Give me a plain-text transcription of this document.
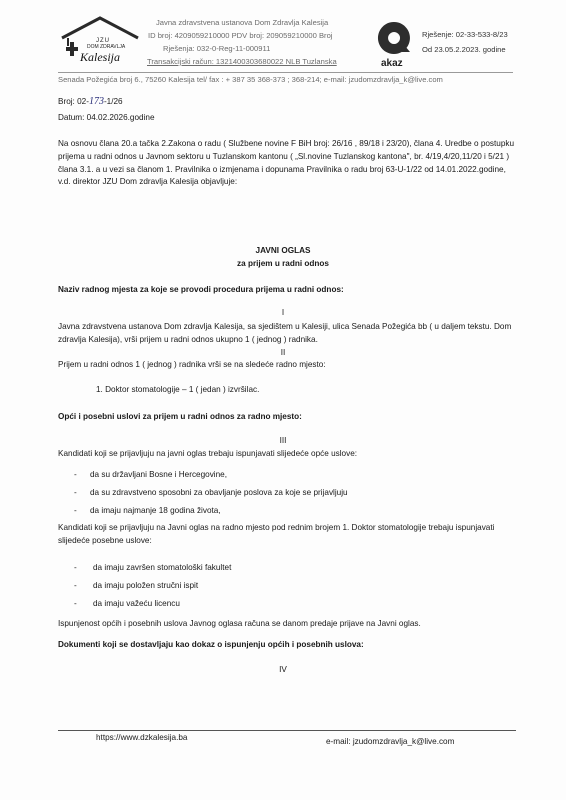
JZU
DOM ZDRAVLJA
Kalesija
Javna zdravstvena ustanova Dom Zdravlja Kalesija
ID broj: 4209059210000 PDV broj: 209059210000 Broj
Rješenja: 032-0-Reg-11-000911
Transakcijski račun: 1321400303680022 NLB Tuzlanska
Senada Požegića broj 6., 75260 Kalesija tel/ fax : + 387 35 368-373 ; 368-214; e-mail: jzudomzdravlja_k@live.com
akaz
Rješenje: 02-33-533-8/23
Od 23.05.2.2023. godine
Broj: 02-173-1/26
Datum: 04.02.2026.godine
Na osnovu člana 20.a tačka 2.Zakona o radu ( Službene novine F BiH broj: 26/16 , 89/18 i 23/20), člana 4. Uredbe o postupku prijema u radni odnos u Javnom sektoru u Tuzlanskom kantonu ( „Sl.novine Tuzlanskog kantona", br. 4/19,4/20,11/20 i 5/21 ) člana 3.1. a u vezi sa članom 1. Pravilnika o izmjenama i dopunama Pravilnika o radu broj 63-U-1/22 od 14.01.2022.godine, v.d. direktor JZU Dom zdravlja Kalesija objavljuje:
JAVNI OGLAS
za prijem u radni odnos
Naziv radnog mjesta za koje se provodi procedura prijema u radni odnos:
I
Javna zdravstvena ustanova Dom zdravlja Kalesija, sa sjedištem u Kalesiji, ulica Senada Požegića bb ( u daljem tekstu. Dom zdravlja Kalesija), vrši prijem u radni odnos ukupno 1 ( jednog ) radnika.
II
Prijem u radni odnos 1 ( jednog ) radnika vrši se na sledeće radno mjesto:
1. Doktor stomatologije – 1 ( jedan ) izvršilac.
Opći i posebni uslovi za prijem u radni odnos za radno mjesto:
III
Kandidati koji se prijavljuju na javni oglas trebaju ispunjavati slijedeće opće uslove:
- da su državljani Bosne i Hercegovine,
- da su zdravstveno sposobni za obavljanje poslova za koje se prijavljuju
- da imaju najmanje 18 godina života,
Kandidati koji se prijavljuju na Javni oglas na radno mjesto pod rednim brojem 1. Doktor stomatologije trebaju ispunjavati slijedeće posebne uslove:
- da imaju završen stomatološki fakultet
- da imaju položen stručni ispit
- da imaju važeću licencu
Ispunjenost općih i posebnih uslova Javnog oglasa računa se danom predaje prijave na Javni oglas.
Dokumenti koji se dostavljaju kao dokaz o ispunjenju općih i posebnih uslova:
IV
https://www.dzkalesija.ba	e-mail: jzudomzdravlja_k@live.com
